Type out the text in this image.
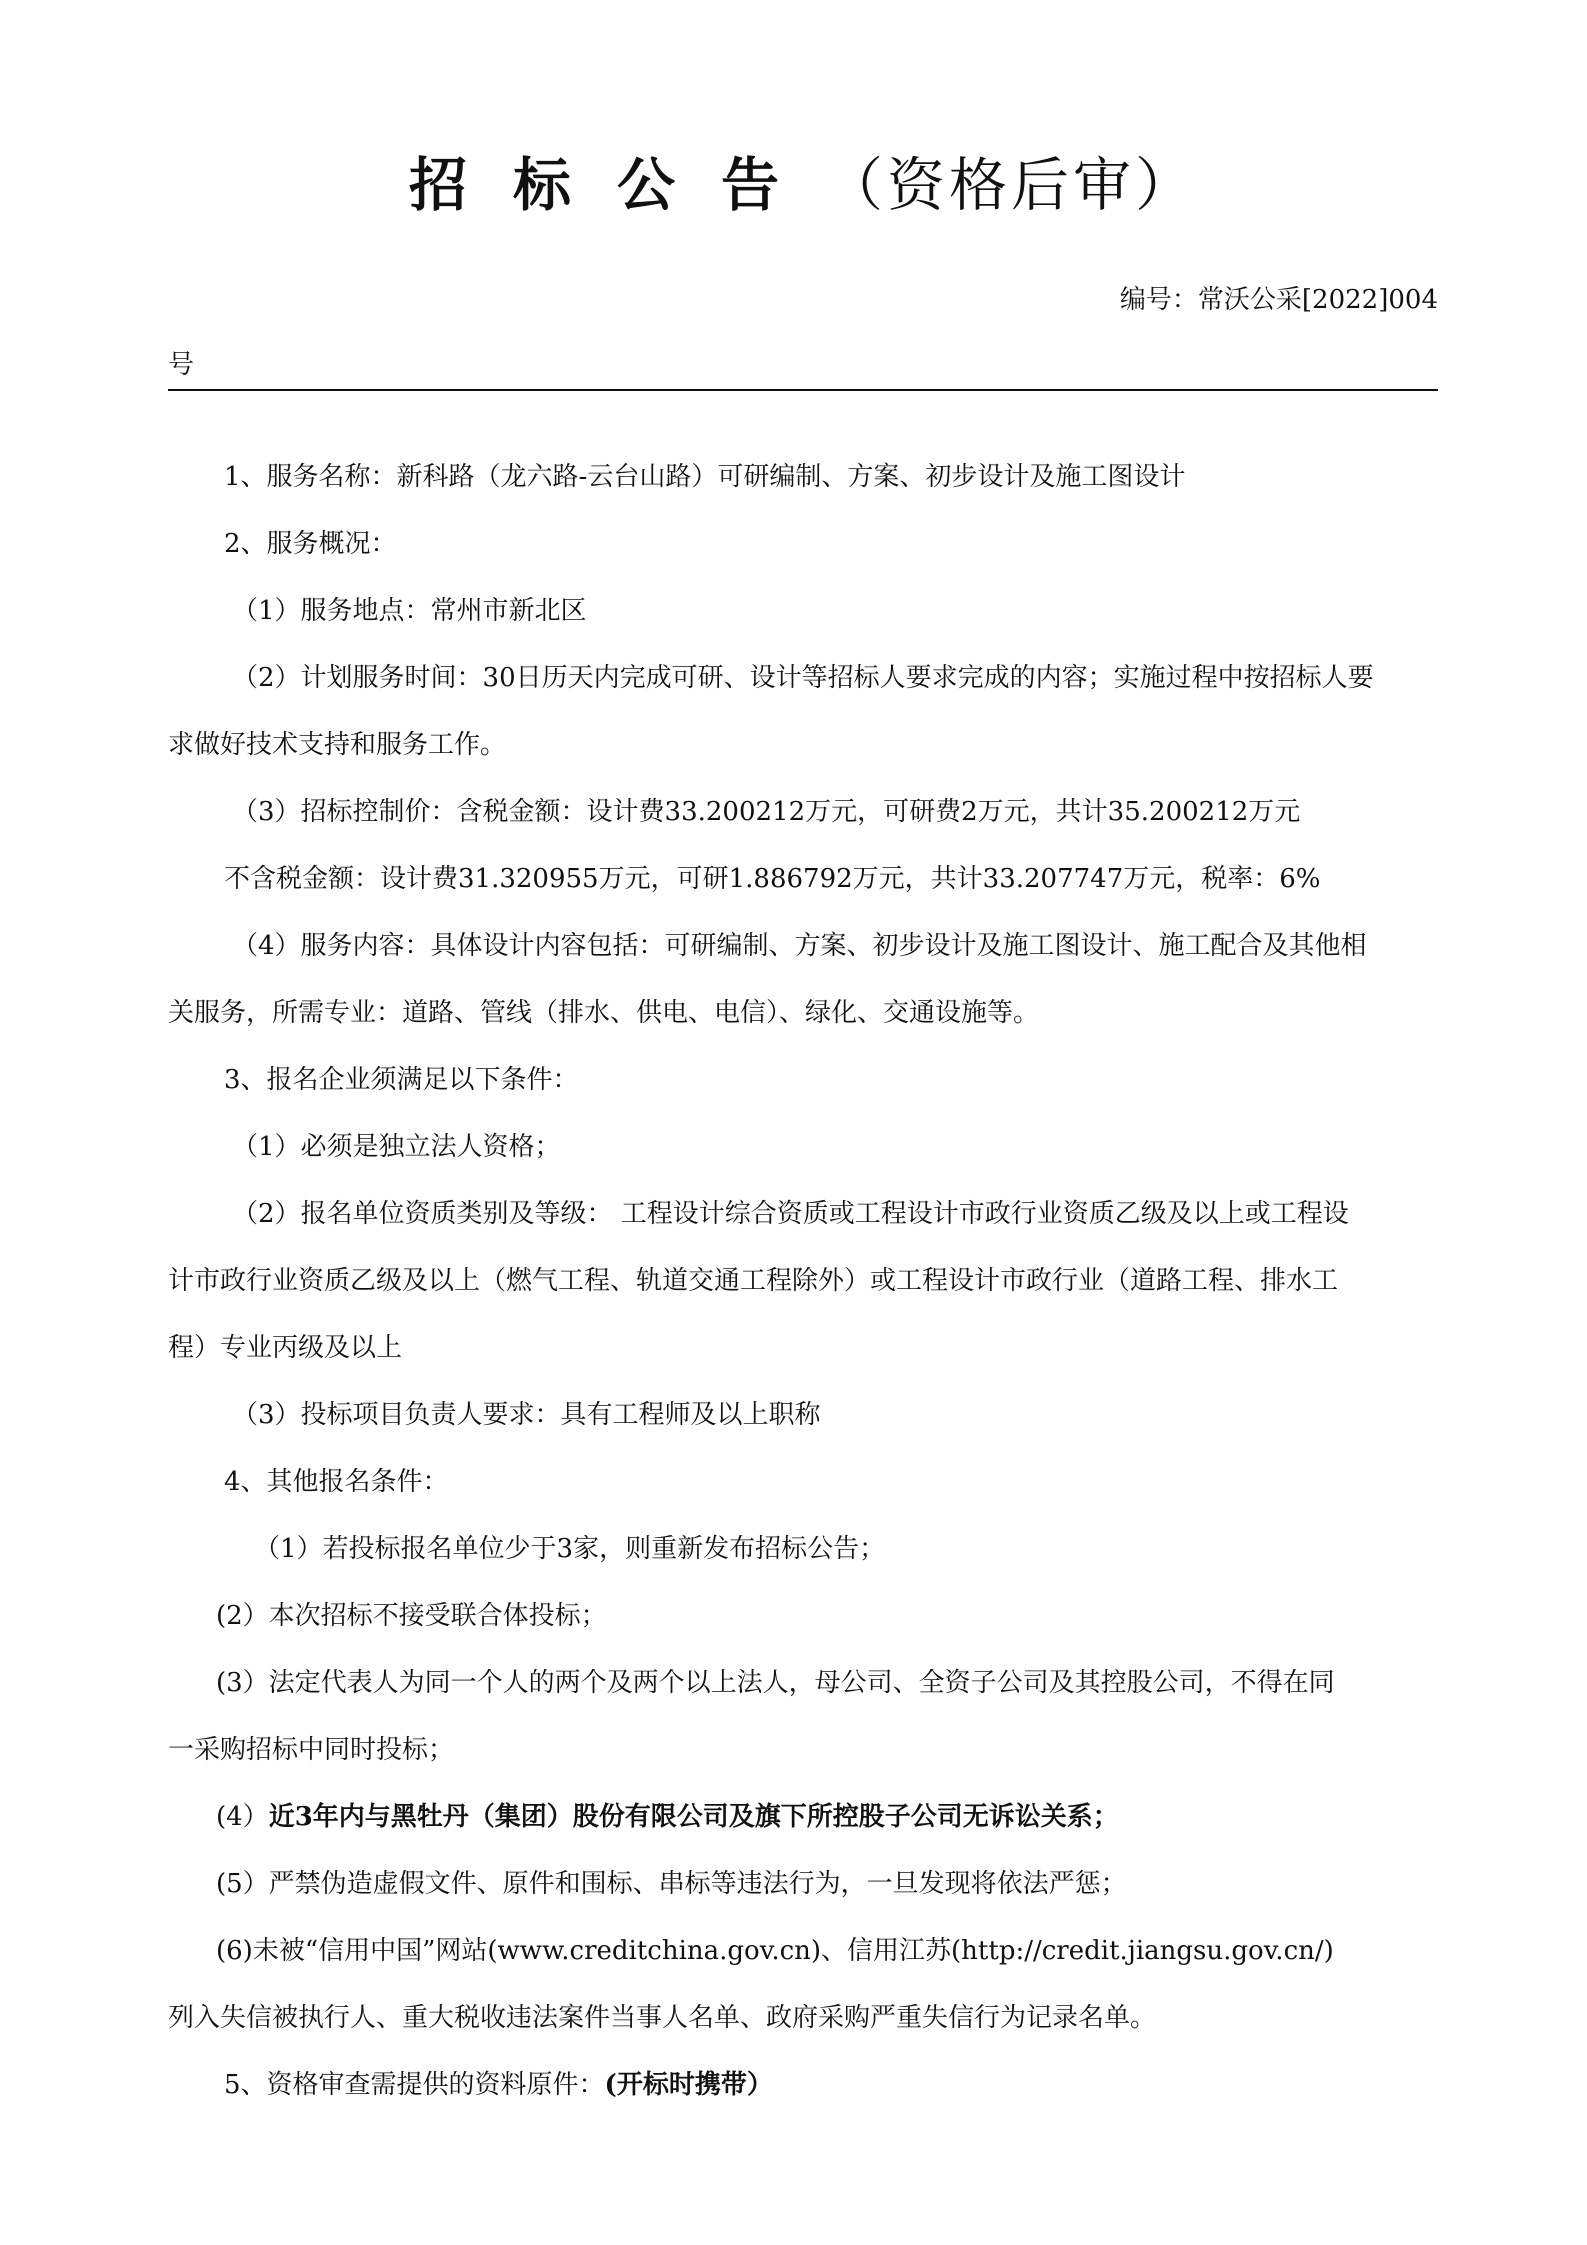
招标公告（资格后审）
编号：常沃公采[2022]004
号
1、服务名称：新科路（龙六路-云台山路）可研编制、方案、初步设计及施工图设计
2、服务概况：
（1）服务地点：常州市新北区
（2）计划服务时间：30日历天内完成可研、设计等招标人要求完成的内容；实施过程中按招标人要
求做好技术支持和服务工作。
（3）招标控制价：含税金额：设计费33.200212万元，可研费2万元，共计35.200212万元
不含税金额：设计费31.320955万元，可研1.886792万元，共计33.207747万元，税率：6%
（4）服务内容：具体设计内容包括：可研编制、方案、初步设计及施工图设计、施工配合及其他相
关服务，所需专业：道路、管线（排水、供电、电信）、绿化、交通设施等。
3、报名企业须满足以下条件：
（1）必须是独立法人资格；
（2）报名单位资质类别及等级： 工程设计综合资质或工程设计市政行业资质乙级及以上或工程设
计市政行业资质乙级及以上（燃气工程、轨道交通工程除外）或工程设计市政行业（道路工程、排水工
程）专业丙级及以上
（3）投标项目负责人要求：具有工程师及以上职称
4、其他报名条件：
（1）若投标报名单位少于3家，则重新发布招标公告；
(2）本次招标不接受联合体投标；
(3）法定代表人为同一个人的两个及两个以上法人，母公司、全资子公司及其控股公司，不得在同
一采购招标中同时投标；
(4）近3年内与黑牡丹（集团）股份有限公司及旗下所控股子公司无诉讼关系；
(5）严禁伪造虚假文件、原件和围标、串标等违法行为，一旦发现将依法严惩；
(6)未被“信用中国”网站(www.creditchina.gov.cn)、信用江苏(http://credit.jiangsu.gov.cn/)
列入失信被执行人、重大税收违法案件当事人名单、政府采购严重失信行为记录名单。
5、资格审查需提供的资料原件：(开标时携带）
